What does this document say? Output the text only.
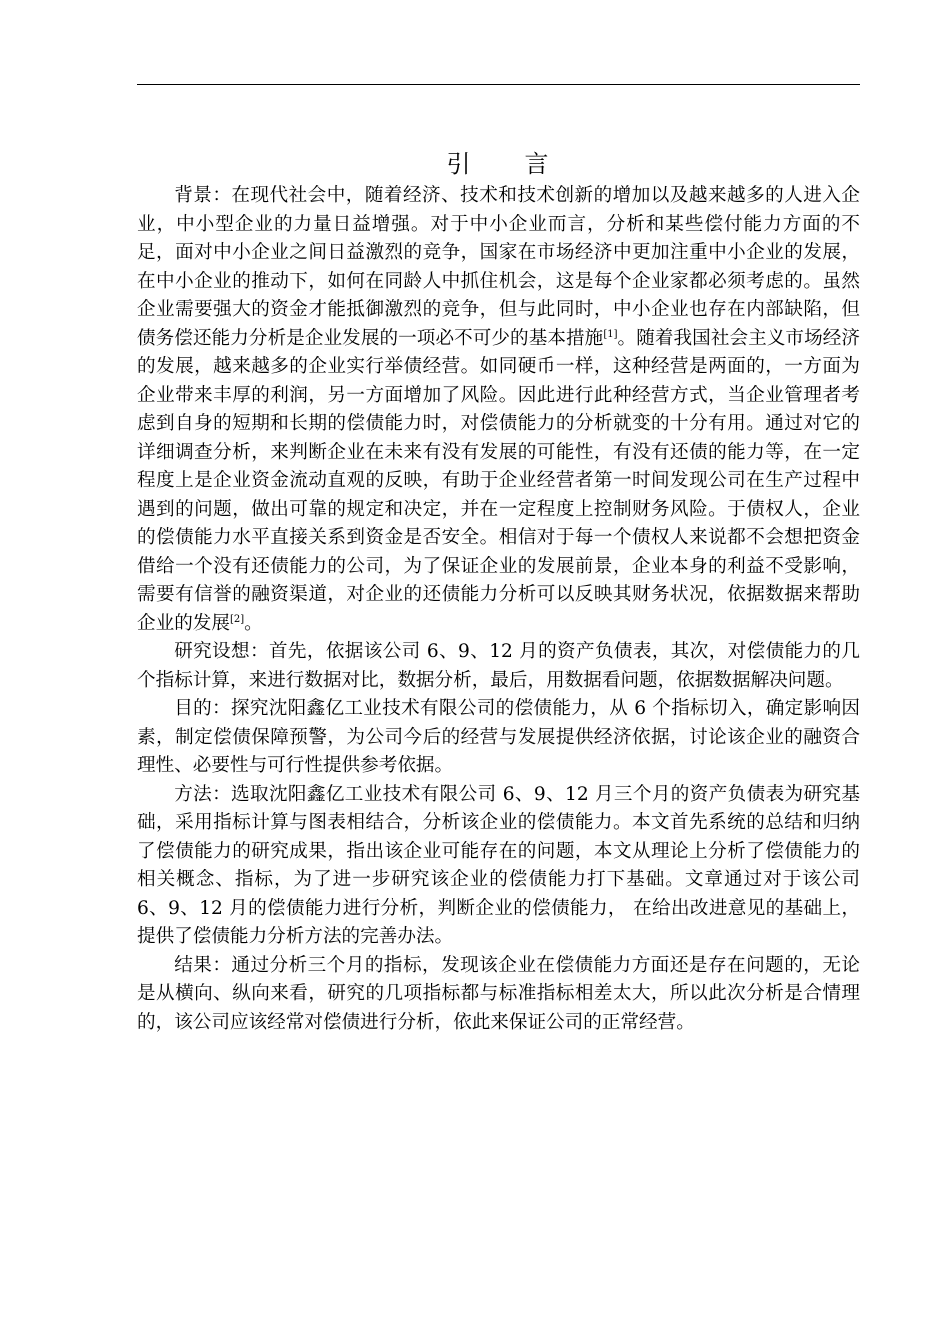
引 言

背景：在现代社会中，随着经济、技术和技术创新的增加以及越来越多的人进入企业，中小型企业的力量日益增强。对于中小企业而言，分析和某些偿付能力方面的不足，面对中小企业之间日益激烈的竞争，国家在市场经济中更加注重中小企业的发展，在中小企业的推动下，如何在同龄人中抓住机会，这是每个企业家都必须考虑的。虽然企业需要强大的资金才能抵御激烈的竞争，但与此同时，中小企业也存在内部缺陷，但债务偿还能力分析是企业发展的一项必不可少的基本措施[1]。随着我国社会主义市场经济的发展，越来越多的企业实行举债经营。如同硬币一样，这种经营是两面的，一方面为企业带来丰厚的利润，另一方面增加了风险。因此进行此种经营方式，当企业管理者考虑到自身的短期和长期的偿债能力时，对偿债能力的分析就变的十分有用。通过对它的详细调查分析，来判断企业在未来有没有发展的可能性，有没有还债的能力等，在一定程度上是企业资金流动直观的反映，有助于企业经营者第一时间发现公司在生产过程中遇到的问题，做出可靠的规定和决定，并在一定程度上控制财务风险。于债权人，企业的偿债能力水平直接关系到资金是否安全。相信对于每一个债权人来说都不会想把资金借给一个没有还债能力的公司，为了保证企业的发展前景，企业本身的利益不受影响，需要有信誉的融资渠道，对企业的还债能力分析可以反映其财务状况，依据数据来帮助企业的发展[2]。

研究设想：首先，依据该公司 6、9、12 月的资产负债表，其次，对偿债能力的几个指标计算，来进行数据对比，数据分析，最后，用数据看问题，依据数据解决问题。

目的：探究沈阳鑫亿工业技术有限公司的偿债能力，从 6 个指标切入，确定影响因素，制定偿债保障预警，为公司今后的经营与发展提供经济依据，讨论该企业的融资合理性、必要性与可行性提供参考依据。

方法：选取沈阳鑫亿工业技术有限公司 6、9、12 月三个月的资产负债表为研究基础，采用指标计算与图表相结合，分析该企业的偿债能力。本文首先系统的总结和归纳了偿债能力的研究成果，指出该企业可能存在的问题，本文从理论上分析了偿债能力的相关概念、指标，为了进一步研究该企业的偿债能力打下基础。文章通过对于该公司 6、9、12 月的偿债能力进行分析，判断企业的偿债能力， 在给出改进意见的基础上， 提供了偿债能力分析方法的完善办法。

结果：通过分析三个月的指标，发现该企业在偿债能力方面还是存在问题的，无论是从横向、纵向来看，研究的几项指标都与标准指标相差太大，所以此次分析是合情理的，该公司应该经常对偿债进行分析，依此来保证公司的正常经营。
